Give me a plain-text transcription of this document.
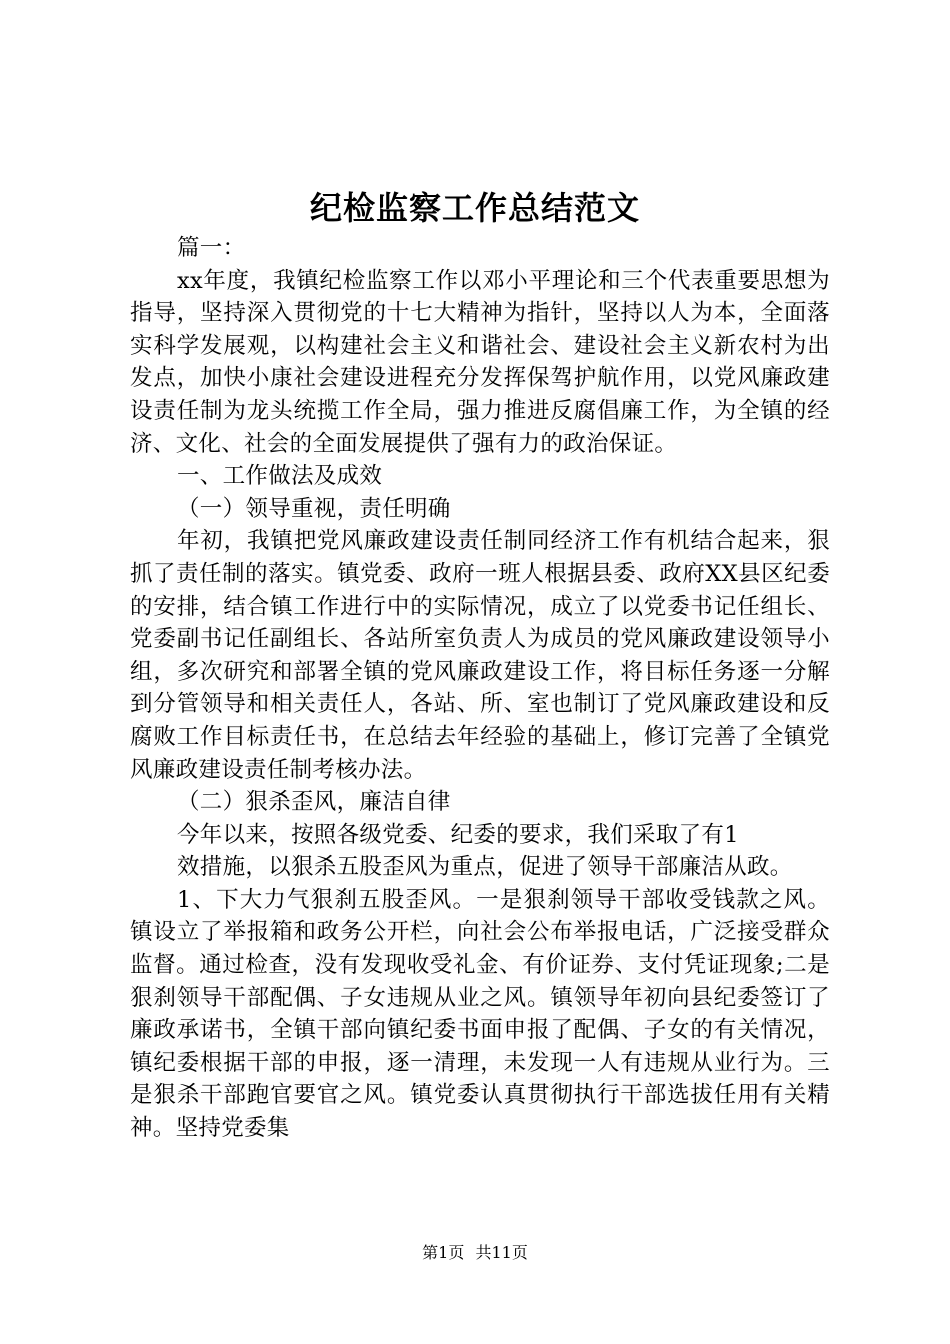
纪检监察工作总结范文

篇一：

xx年度，我镇纪检监察工作以邓小平理论和三个代表重要思想为指导，坚持深入贯彻党的十七大精神为指针，坚持以人为本，全面落实科学发展观，以构建社会主义和谐社会、建设社会主义新农村为出发点，加快小康社会建设进程充分发挥保驾护航作用，以党风廉政建设责任制为龙头统揽工作全局，强力推进反腐倡廉工作，为全镇的经济、文化、社会的全面发展提供了强有力的政治保证。

一、工作做法及成效

（一）领导重视，责任明确

年初，我镇把党风廉政建设责任制同经济工作有机结合起来，狠抓了责任制的落实。镇党委、政府一班人根据县委、政府XX县区纪委的安排，结合镇工作进行中的实际情况，成立了以党委书记任组长、党委副书记任副组长、各站所室负责人为成员的党风廉政建设领导小组，多次研究和部署全镇的党风廉政建设工作，将目标任务逐一分解到分管领导和相关责任人，各站、所、室也制订了党风廉政建设和反腐败工作目标责任书，在总结去年经验的基础上，修订完善了全镇党风廉政建设责任制考核办法。

（二）狠杀歪风，廉洁自律

今年以来，按照各级党委、纪委的要求，我们采取了有1

效措施，以狠杀五股歪风为重点，促进了领导干部廉洁从政。

1、下大力气狠刹五股歪风。一是狠刹领导干部收受钱款之风。镇设立了举报箱和政务公开栏，向社会公布举报电话，广泛接受群众监督。通过检查，没有发现收受礼金、有价证券、支付凭证现象;二是狠刹领导干部配偶、子女违规从业之风。镇领导年初向县纪委签订了廉政承诺书，全镇干部向镇纪委书面申报了配偶、子女的有关情况，镇纪委根据干部的申报，逐一清理，未发现一人有违规从业行为。三是狠杀干部跑官要官之风。镇党委认真贯彻执行干部选拔任用有关精神。坚持党委集

第1页 共11页
